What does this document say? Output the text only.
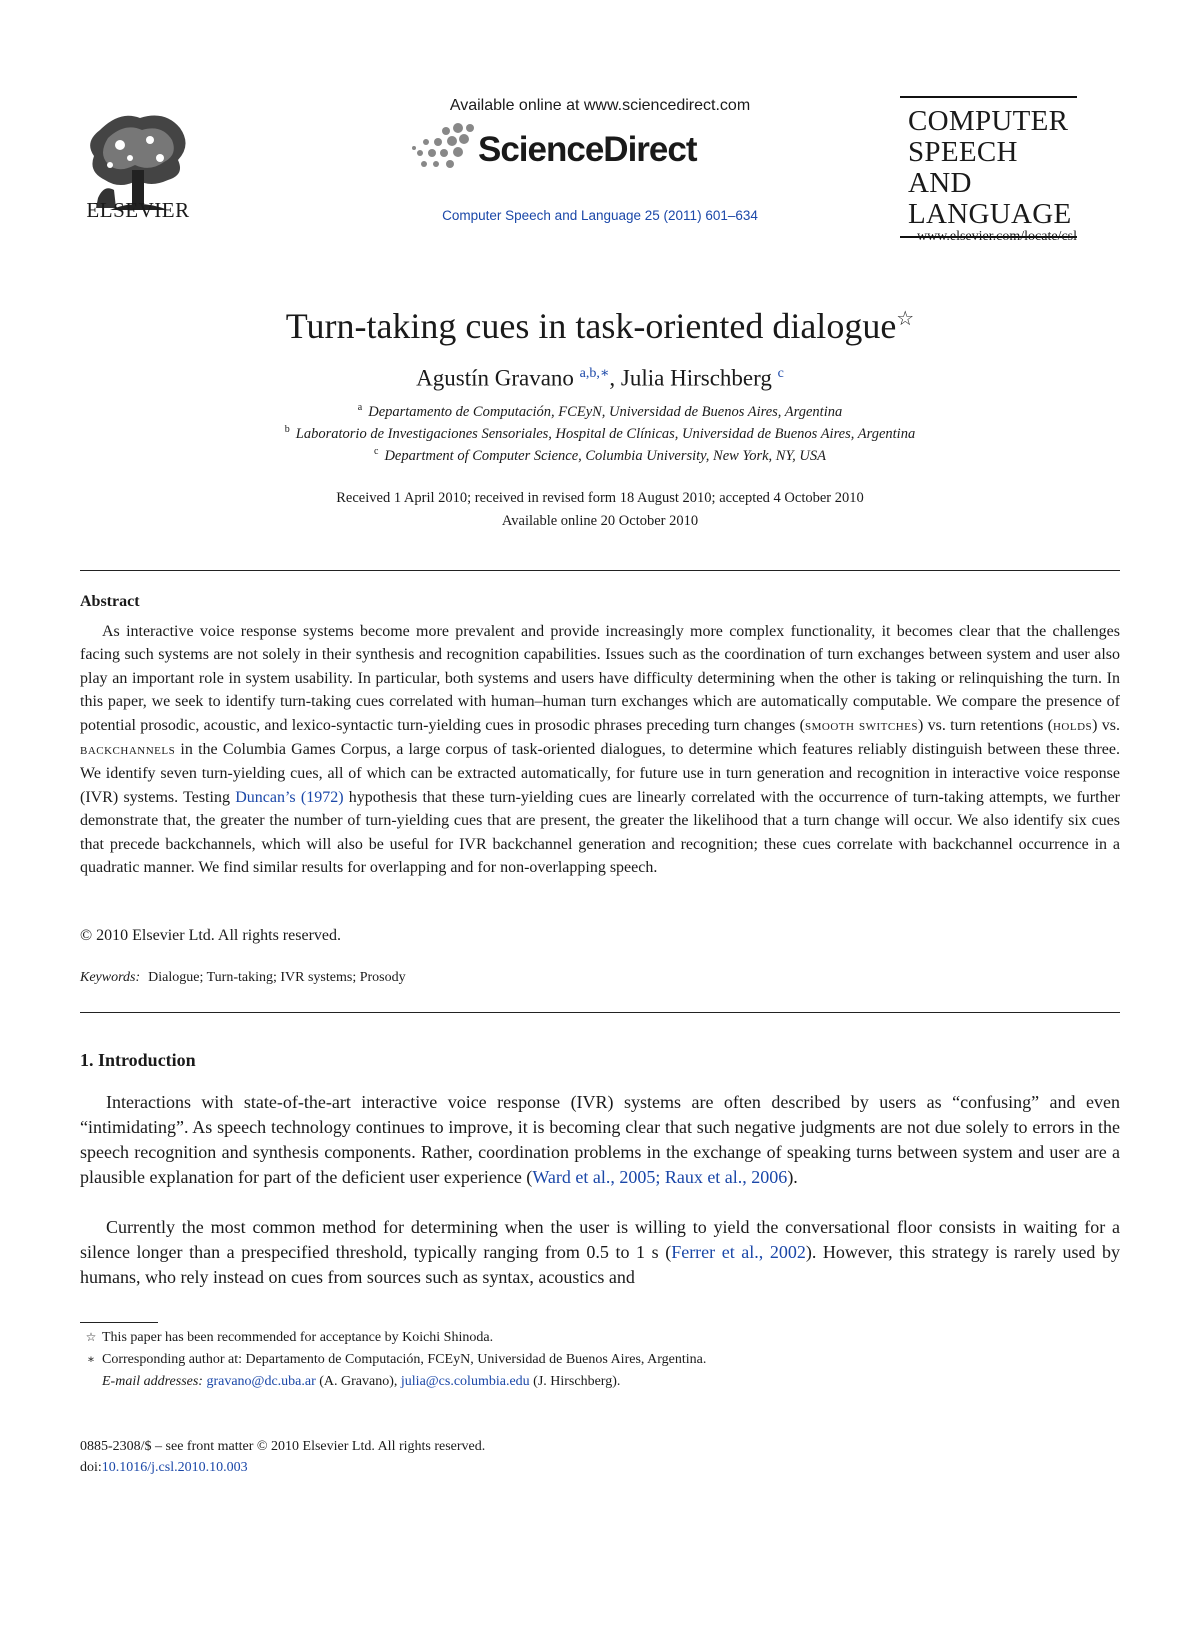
ELSEVIER
Available online at www.sciencedirect.com
ScienceDirect
Computer Speech and Language 25 (2011) 601–634
COMPUTER
SPEECH AND
LANGUAGE
www.elsevier.com/locate/csl
Turn-taking cues in task-oriented dialogue☆
Agustín Gravano $^{a,b,∗}$, Julia Hirschberg $^c$
$^a$ Departamento de Computación, FCEyN, Universidad de Buenos Aires, Argentina
$^b$ Laboratorio de Investigaciones Sensoriales, Hospital de Clínicas, Universidad de Buenos Aires, Argentina
$^c$ Department of Computer Science, Columbia University, New York, NY, USA
Received 1 April 2010; received in revised form 18 August 2010; accepted 4 October 2010
Available online 20 October 2010
Abstract
As interactive voice response systems become more prevalent and provide increasingly more complex functionality, it becomes clear that the challenges facing such systems are not solely in their synthesis and recognition capabilities. Issues such as the coordination of turn exchanges between system and user also play an important role in system usability. In particular, both systems and users have difficulty determining when the other is taking or relinquishing the turn. In this paper, we seek to identify turn-taking cues correlated with human–human turn exchanges which are automatically computable. We compare the presence of potential prosodic, acoustic, and lexico-syntactic turn-yielding cues in prosodic phrases preceding turn changes (smooth switches) vs. turn retentions (holds) vs. backchannels in the Columbia Games Corpus, a large corpus of task-oriented dialogues, to determine which features reliably distinguish between these three. We identify seven turn-yielding cues, all of which can be extracted automatically, for future use in turn generation and recognition in interactive voice response (IVR) systems. Testing Duncan’s (1972) hypothesis that these turn-yielding cues are linearly correlated with the occurrence of turn-taking attempts, we further demonstrate that, the greater the number of turn-yielding cues that are present, the greater the likelihood that a turn change will occur. We also identify six cues that precede backchannels, which will also be useful for IVR backchannel generation and recognition; these cues correlate with backchannel occurrence in a quadratic manner. We find similar results for overlapping and for non-overlapping speech.
© 2010 Elsevier Ltd. All rights reserved.
Keywords: Dialogue; Turn-taking; IVR systems; Prosody
1. Introduction
Interactions with state-of-the-art interactive voice response (IVR) systems are often described by users as “confusing” and even “intimidating”. As speech technology continues to improve, it is becoming clear that such negative judgments are not due solely to errors in the speech recognition and synthesis components. Rather, coordination problems in the exchange of speaking turns between system and user are a plausible explanation for part of the deficient user experience (Ward et al., 2005; Raux et al., 2006).
Currently the most common method for determining when the user is willing to yield the conversational floor consists in waiting for a silence longer than a prespecified threshold, typically ranging from 0.5 to 1 s (Ferrer et al., 2002). However, this strategy is rarely used by humans, who rely instead on cues from sources such as syntax, acoustics and
☆ This paper has been recommended for acceptance by Koichi Shinoda.
∗ Corresponding author at: Departamento de Computación, FCEyN, Universidad de Buenos Aires, Argentina.
E-mail addresses: gravano@dc.uba.ar (A. Gravano), julia@cs.columbia.edu (J. Hirschberg).
0885-2308/$ – see front matter © 2010 Elsevier Ltd. All rights reserved.
doi:10.1016/j.csl.2010.10.003
